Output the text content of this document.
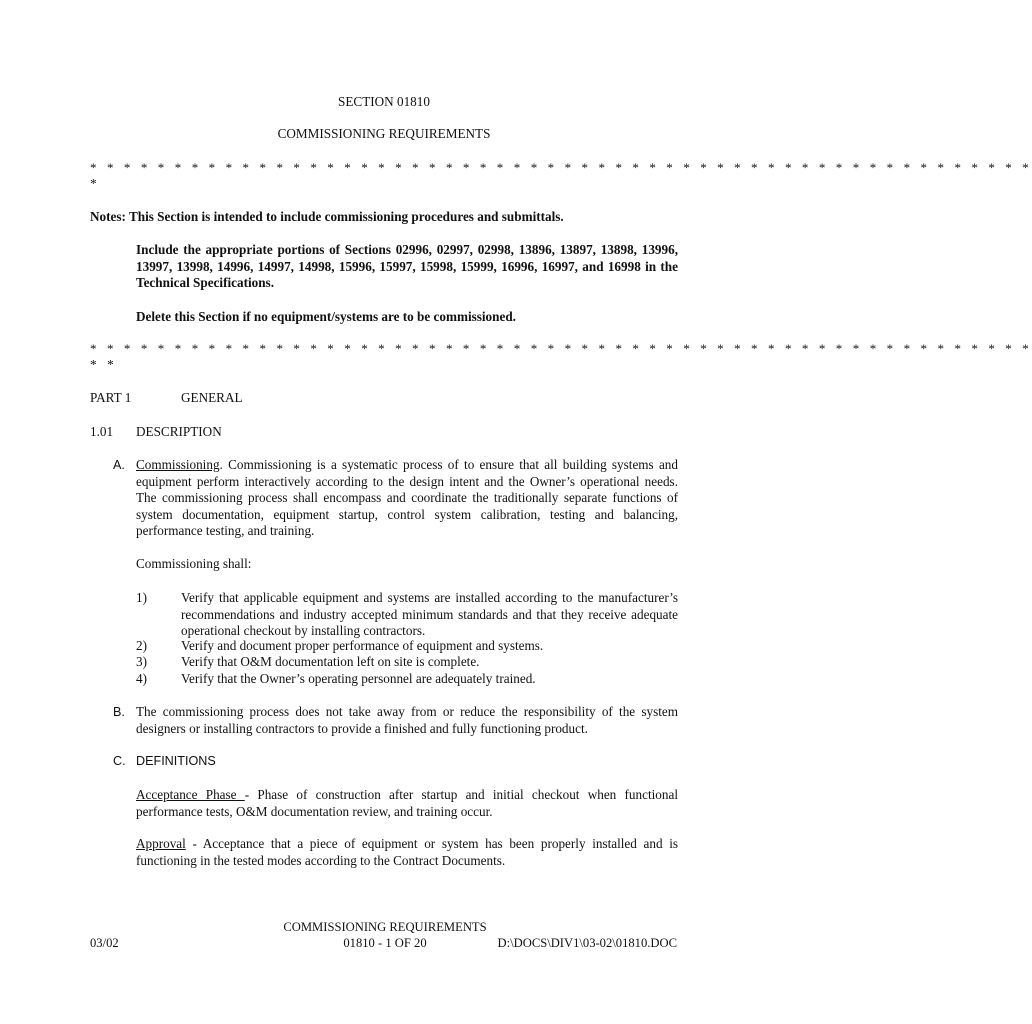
SECTION 01810
COMMISSIONING REQUIREMENTS
* * * * * * * * * * * * * * * * * * * * * * * * * * * * * * * * * * * * * * * * * * * * * * * * * * * * * * * *
*
Notes: This Section is intended to include commissioning procedures and submittals.
Include the appropriate portions of Sections 02996, 02997, 02998, 13896, 13897, 13898, 13996, 13997, 13998, 14996, 14997, 14998, 15996, 15997, 15998, 15999, 16996, 16997, and 16998 in the Technical Specifications.
Delete this Section if no equipment/systems are to be commissioned.
* * * * * * * * * * * * * * * * * * * * * * * * * * * * * * * * * * * * * * * * * * * * * * * * * * * * * * * *
* *
PART 1	GENERAL
1.01 DESCRIPTION
A. Commissioning. Commissioning is a systematic process of to ensure that all building systems and equipment perform interactively according to the design intent and the Owner’s operational needs. The commissioning process shall encompass and coordinate the traditionally separate functions of system documentation, equipment startup, control system calibration, testing and balancing, performance testing, and training.
Commissioning shall:
1)	Verify that applicable equipment and systems are installed according to the manufacturer’s recommendations and industry accepted minimum standards and that they receive adequate operational checkout by installing contractors.
2)	Verify and document proper performance of equipment and systems.
3)	Verify that O&M documentation left on site is complete.
4)	Verify that the Owner’s operating personnel are adequately trained.
B. The commissioning process does not take away from or reduce the responsibility of the system designers or installing contractors to provide a finished and fully functioning product.
C. DEFINITIONS
Acceptance Phase - Phase of construction after startup and initial checkout when functional performance tests, O&M documentation review, and training occur.
Approval - Acceptance that a piece of equipment or system has been properly installed and is functioning in the tested modes according to the Contract Documents.
COMMISSIONING REQUIREMENTS
03/02	01810 - 1 OF 20	D:\DOCS\DIV1\03-02\01810.DOC
